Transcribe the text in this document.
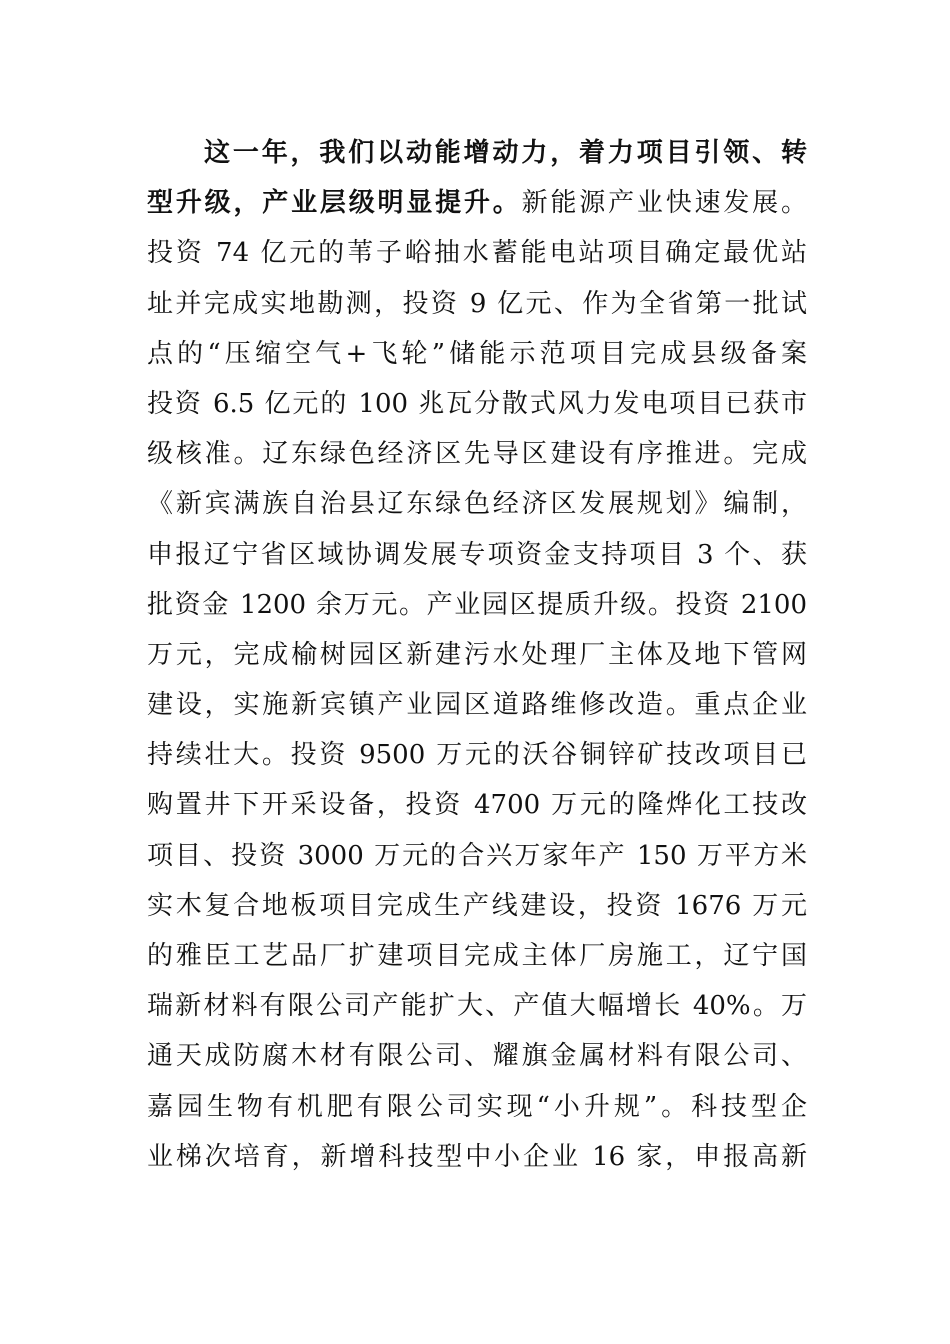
这一年，我们以动能增动力，着力项目引领、转
型升级，产业层级明显提升。新能源产业快速发展。
投资 74 亿元的苇子峪抽水蓄能电站项目确定最优站
址并完成实地勘测，投资 9 亿元、作为全省第一批试
点的“压缩空气+飞轮”储能示范项目完成县级备案
投资 6.5 亿元的 100 兆瓦分散式风力发电项目已获市
级核准。辽东绿色经济区先导区建设有序推进。完成
《新宾满族自治县辽东绿色经济区发展规划》编制，
申报辽宁省区域协调发展专项资金支持项目 3 个、获
批资金 1200 余万元。产业园区提质升级。投资 2100
万元，完成榆树园区新建污水处理厂主体及地下管网
建设，实施新宾镇产业园区道路维修改造。重点企业
持续壮大。投资 9500 万元的沃谷铜锌矿技改项目已
购置井下开采设备，投资 4700 万元的隆烨化工技改
项目、投资 3000 万元的合兴万家年产 150 万平方米
实木复合地板项目完成生产线建设，投资 1676 万元
的雅臣工艺品厂扩建项目完成主体厂房施工，辽宁国
瑞新材料有限公司产能扩大、产值大幅增长 40%。万
通天成防腐木材有限公司、耀旗金属材料有限公司、
嘉园生物有机肥有限公司实现“小升规”。科技型企
业梯次培育，新增科技型中小企业 16 家，申报高新
